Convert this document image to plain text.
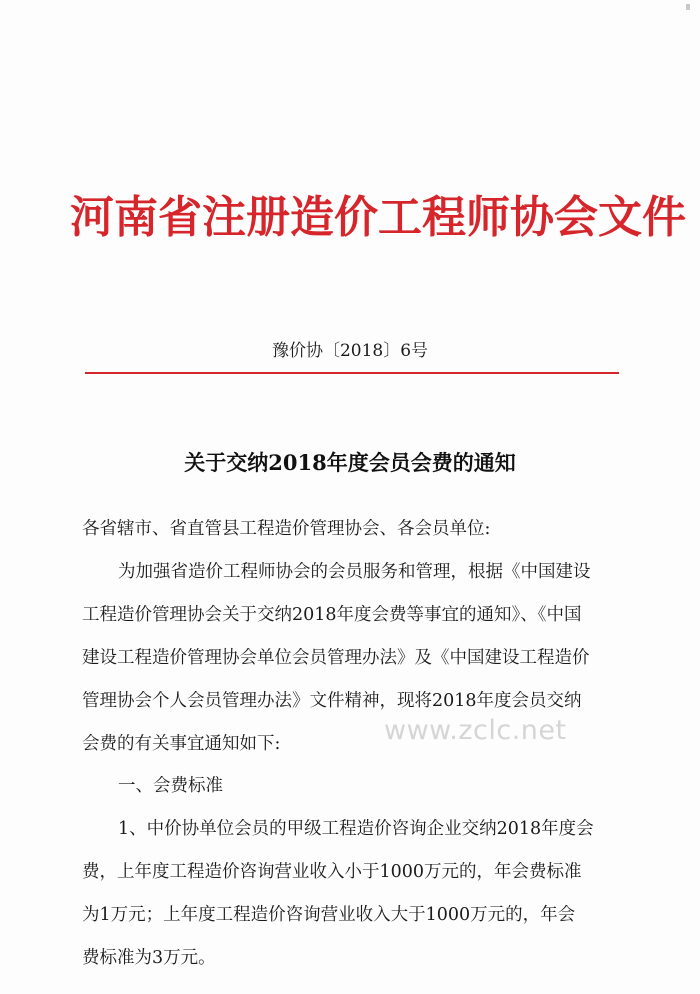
河南省注册造价工程师协会文件
豫价协〔2018〕6号
关于交纳2018年度会员会费的通知
各省辖市、省直管县工程造价管理协会、各会员单位:
为加强省造价工程师协会的会员服务和管理，根据《中国建设
工程造价管理协会关于交纳2018年度会费等事宜的通知》、《中国
建设工程造价管理协会单位会员管理办法》及《中国建设工程造价
管理协会个人会员管理办法》文件精神，现将2018年度会员交纳
会费的有关事宜通知如下:
一、会费标准
1、中价协单位会员的甲级工程造价咨询企业交纳2018年度会
费，上年度工程造价咨询营业收入小于1000万元的，年会费标准
为1万元；上年度工程造价咨询营业收入大于1000万元的，年会
费标准为3万元。
www.zclc.net
